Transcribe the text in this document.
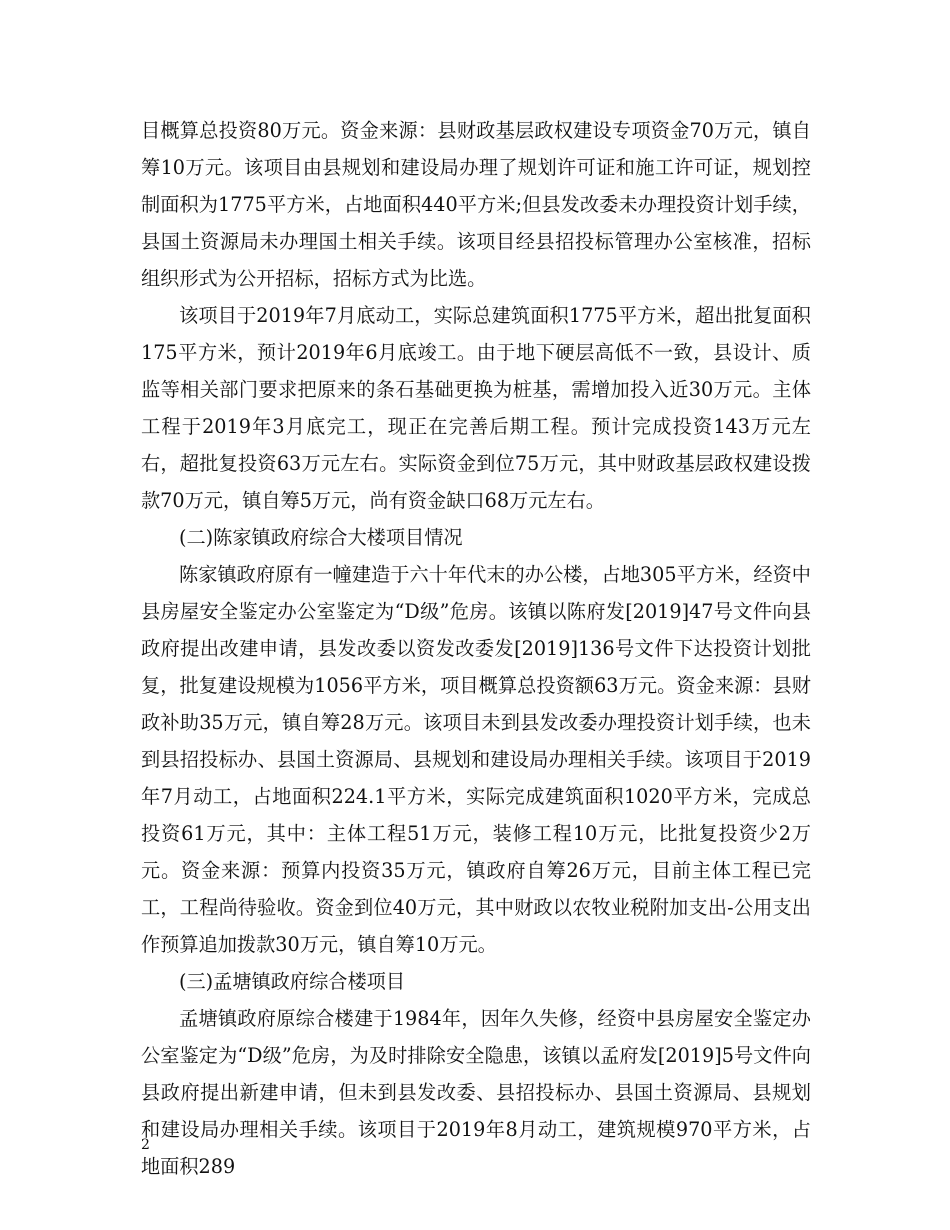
目概算总投资80万元。资金来源：县财政基层政权建设专项资金70万元，镇自筹10万元。该项目由县规划和建设局办理了规划许可证和施工许可证，规划控制面积为1775平方米，占地面积440平方米;但县发改委未办理投资计划手续，县国土资源局未办理国土相关手续。该项目经县招投标管理办公室核准，招标组织形式为公开招标，招标方式为比选。

该项目于2019年7月底动工，实际总建筑面积1775平方米，超出批复面积175平方米，预计2019年6月底竣工。由于地下硬层高低不一致，县设计、质监等相关部门要求把原来的条石基础更换为桩基，需增加投入近30万元。主体工程于2019年3月底完工，现正在完善后期工程。预计完成投资143万元左右，超批复投资63万元左右。实际资金到位75万元，其中财政基层政权建设拨款70万元，镇自筹5万元，尚有资金缺口68万元左右。

(二)陈家镇政府综合大楼项目情况

陈家镇政府原有一幢建造于六十年代末的办公楼，占地305平方米，经资中县房屋安全鉴定办公室鉴定为“D级”危房。该镇以陈府发[2019]47号文件向县政府提出改建申请，县发改委以资发改委发[2019]136号文件下达投资计划批复，批复建设规模为1056平方米，项目概算总投资额63万元。资金来源：县财政补助35万元，镇自筹28万元。该项目未到县发改委办理投资计划手续，也未到县招投标办、县国土资源局、县规划和建设局办理相关手续。该项目于2019年7月动工，占地面积224.1平方米，实际完成建筑面积1020平方米，完成总投资61万元，其中：主体工程51万元，装修工程10万元，比批复投资少2万元。资金来源：预算内投资35万元，镇政府自筹26万元，目前主体工程已完工，工程尚待验收。资金到位40万元，其中财政以农牧业税附加支出-公用支出作预算追加拨款30万元，镇自筹10万元。

(三)孟塘镇政府综合楼项目

孟塘镇政府原综合楼建于1984年，因年久失修，经资中县房屋安全鉴定办公室鉴定为“D级”危房，为及时排除安全隐患，该镇以孟府发[2019]5号文件向县政府提出新建申请，但未到县发改委、县招投标办、县国土资源局、县规划和建设局办理相关手续。该项目于2019年8月动工，建筑规模970平方米，占地面积289

2
